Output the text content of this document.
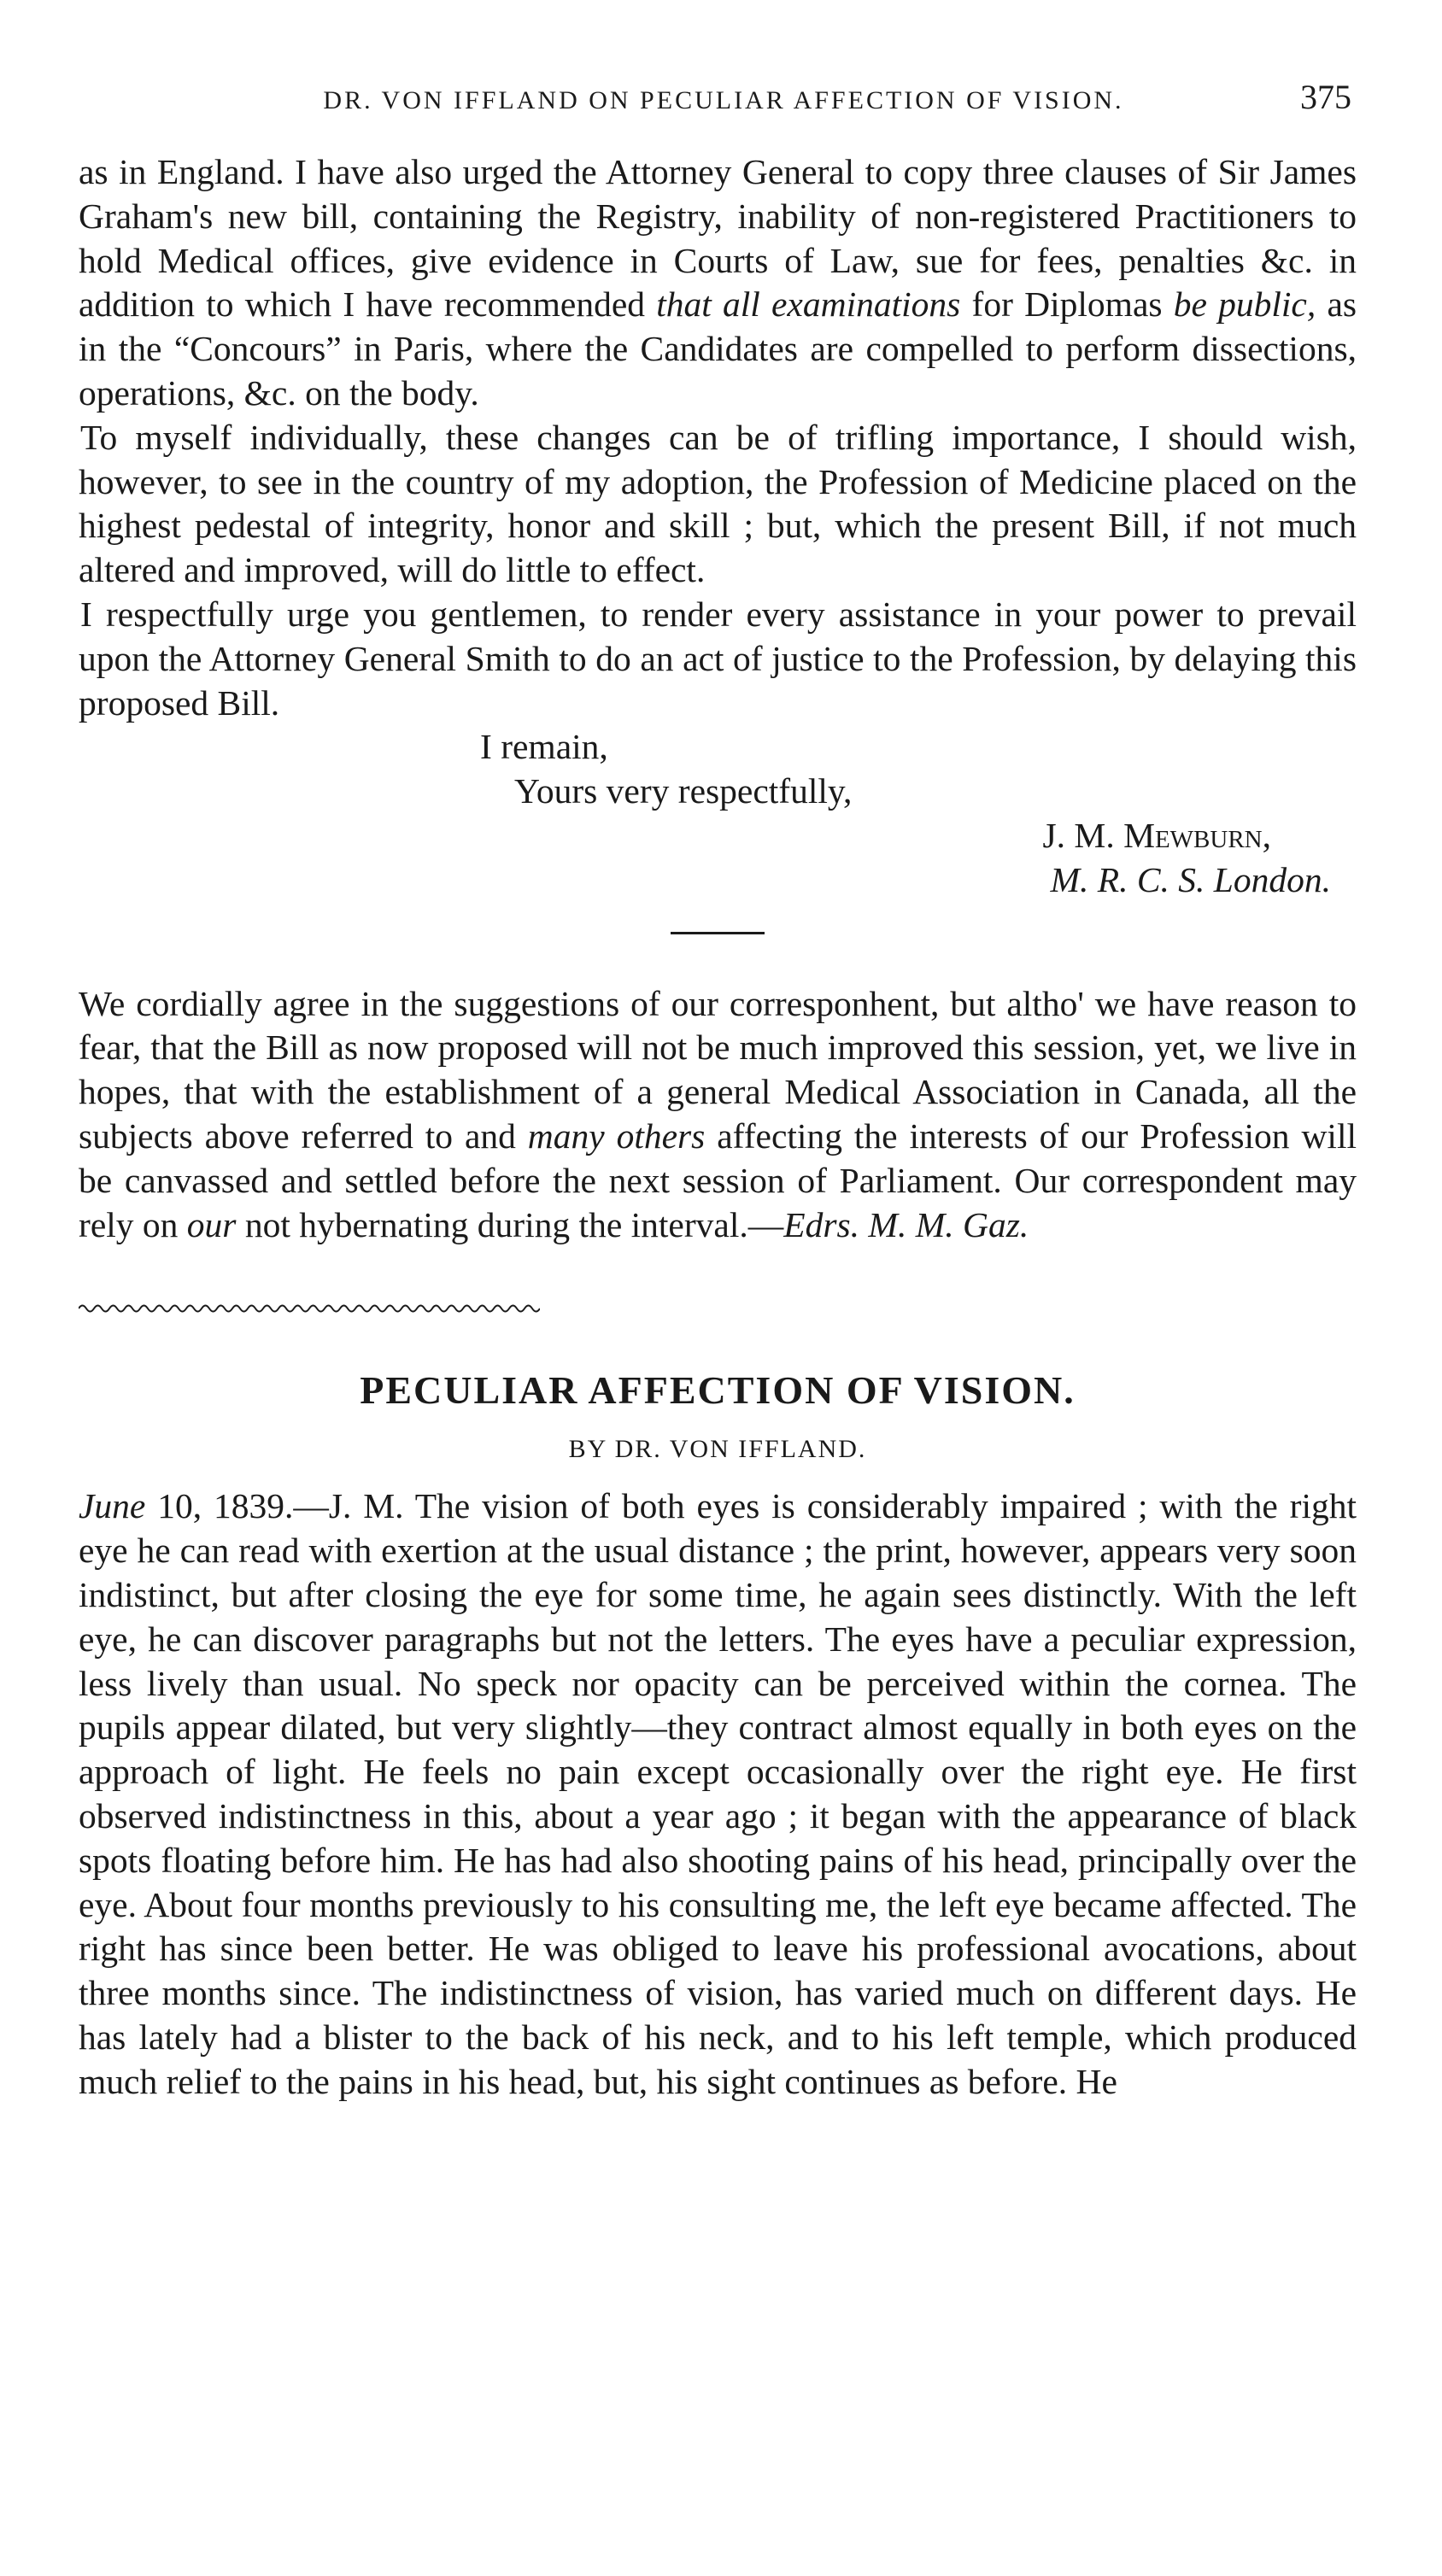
DR. VON IFFLAND ON PECULIAR AFFECTION OF VISION.	375

as in England. I have also urged the Attorney General to copy three clauses of Sir James Graham's new bill, containing the Registry, inability of non-registered Practitioners to hold Medical offices, give evidence in Courts of Law, sue for fees, penalties &c. in addition to which I have recommended that all examinations for Diplomas be public, as in the “Concours” in Paris, where the Candidates are compelled to perform dissections, operations, &c. on the body.

To myself individually, these changes can be of trifling importance, I should wish, however, to see in the country of my adoption, the Profession of Medicine placed on the highest pedestal of integrity, honor and skill ; but, which the present Bill, if not much altered and improved, will do little to effect.

I respectfully urge you gentlemen, to render every assistance in your power to prevail upon the Attorney General Smith to do an act of justice to the Profession, by delaying this proposed Bill.

I remain,
Yours very respectfully,
J. M. Mewburn,
M. R. C. S. London.

We cordially agree in the suggestions of our corresponhent, but altho' we have reason to fear, that the Bill as now proposed will not be much improved this session, yet, we live in hopes, that with the establishment of a general Medical Association in Canada, all the subjects above referred to and many others affecting the interests of our Profession will be canvassed and settled before the next session of Parliament. Our correspondent may rely on our not hybernating during the interval.—Edrs. M. M. Gaz.

PECULIAR AFFECTION OF VISION.
BY DR. VON IFFLAND.

June 10, 1839.—J. M. The vision of both eyes is considerably impaired ; with the right eye he can read with exertion at the usual distance ; the print, however, appears very soon indistinct, but after closing the eye for some time, he again sees distinctly. With the left eye, he can discover paragraphs but not the letters. The eyes have a peculiar expression, less lively than usual. No speck nor opacity can be perceived within the cornea. The pupils appear dilated, but very slightly—they contract almost equally in both eyes on the approach of light. He feels no pain except occasionally over the right eye. He first observed indistinctness in this, about a year ago ; it began with the appearance of black spots floating before him. He has had also shooting pains of his head, principally over the eye. About four months previously to his consulting me, the left eye became affected. The right has since been better. He was obliged to leave his professional avocations, about three months since. The indistinctness of vision, has varied much on different days. He has lately had a blister to the back of his neck, and to his left temple, which produced much relief to the pains in his head, but, his sight continues as before. He
